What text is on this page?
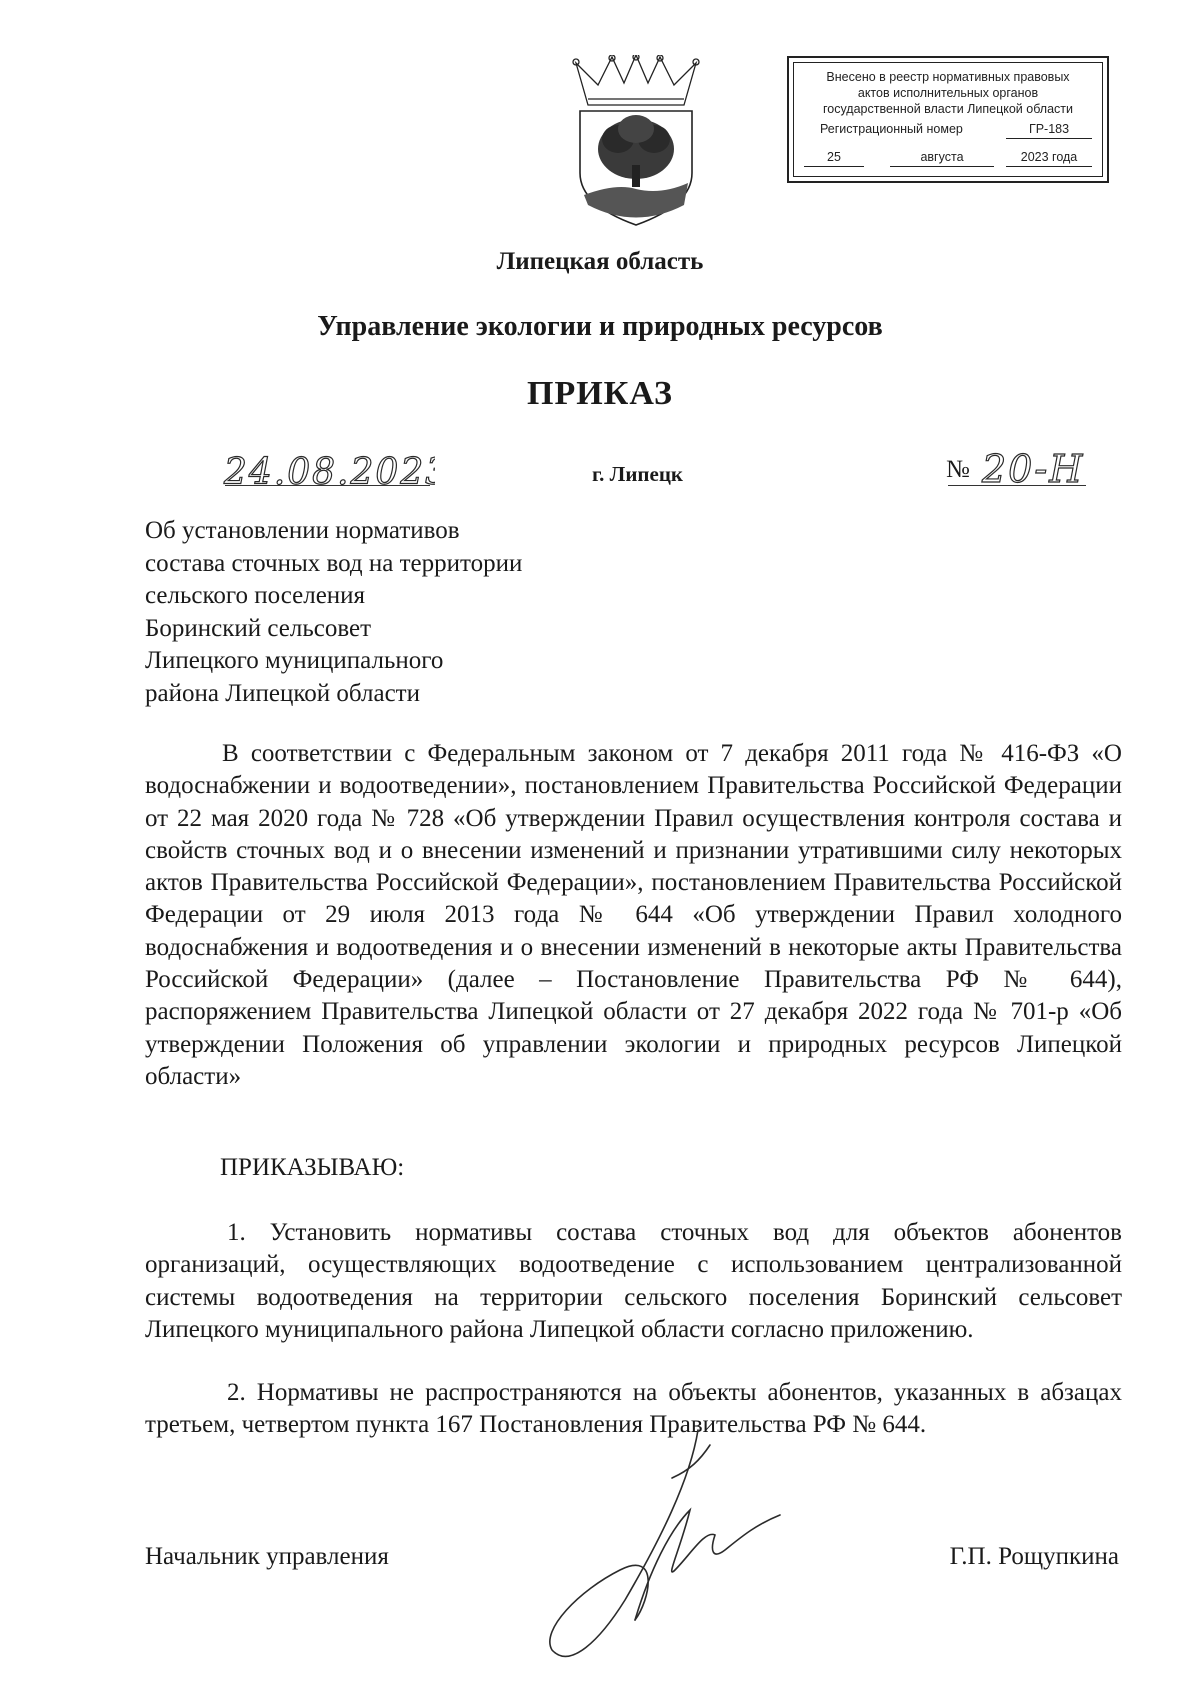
Внесено в реестр нормативных правовых
актов исполнительных органов
государственной власти Липецкой области
Регистрационный номер	ГР-183
25	августа	2023 года
Липецкая область
Управление экологии и природных ресурсов
ПРИКАЗ
24.08.2023	г. Липецк	№ 20-Н
Об установлении нормативов
состава сточных вод на территории
сельского поселения
Боринский сельсовет
Липецкого муниципального
района Липецкой области

В соответствии с Федеральным законом от 7 декабря 2011 года № 416-ФЗ «О водоснабжении и водоотведении», постановлением Правительства Российской Федерации от 22 мая 2020 года № 728 «Об утверждении Правил осуществления контроля состава и свойств сточных вод и о внесении изменений и признании утратившими силу некоторых актов Правительства Российской Федерации», постановлением Правительства Российской Федерации от 29 июля 2013 года № 644 «Об утверждении Правил холодного водоснабжения и водоотведения и о внесении изменений в некоторые акты Правительства Российской Федерации» (далее – Постановление Правительства РФ № 644), распоряжением Правительства Липецкой области от 27 декабря 2022 года № 701-р «Об утверждении Положения об управлении экологии и природных ресурсов Липецкой области»

ПРИКАЗЫВАЮ:

1. Установить нормативы состава сточных вод для объектов абонентов организаций, осуществляющих водоотведение с использованием централизованной системы водоотведения на территории сельского поселения Боринский сельсовет Липецкого муниципального района Липецкой области согласно приложению.

2. Нормативы не распространяются на объекты абонентов, указанных в абзацах третьем, четвертом пункта 167 Постановления Правительства РФ № 644.

Начальник управления	Г.П. Рощупкина
